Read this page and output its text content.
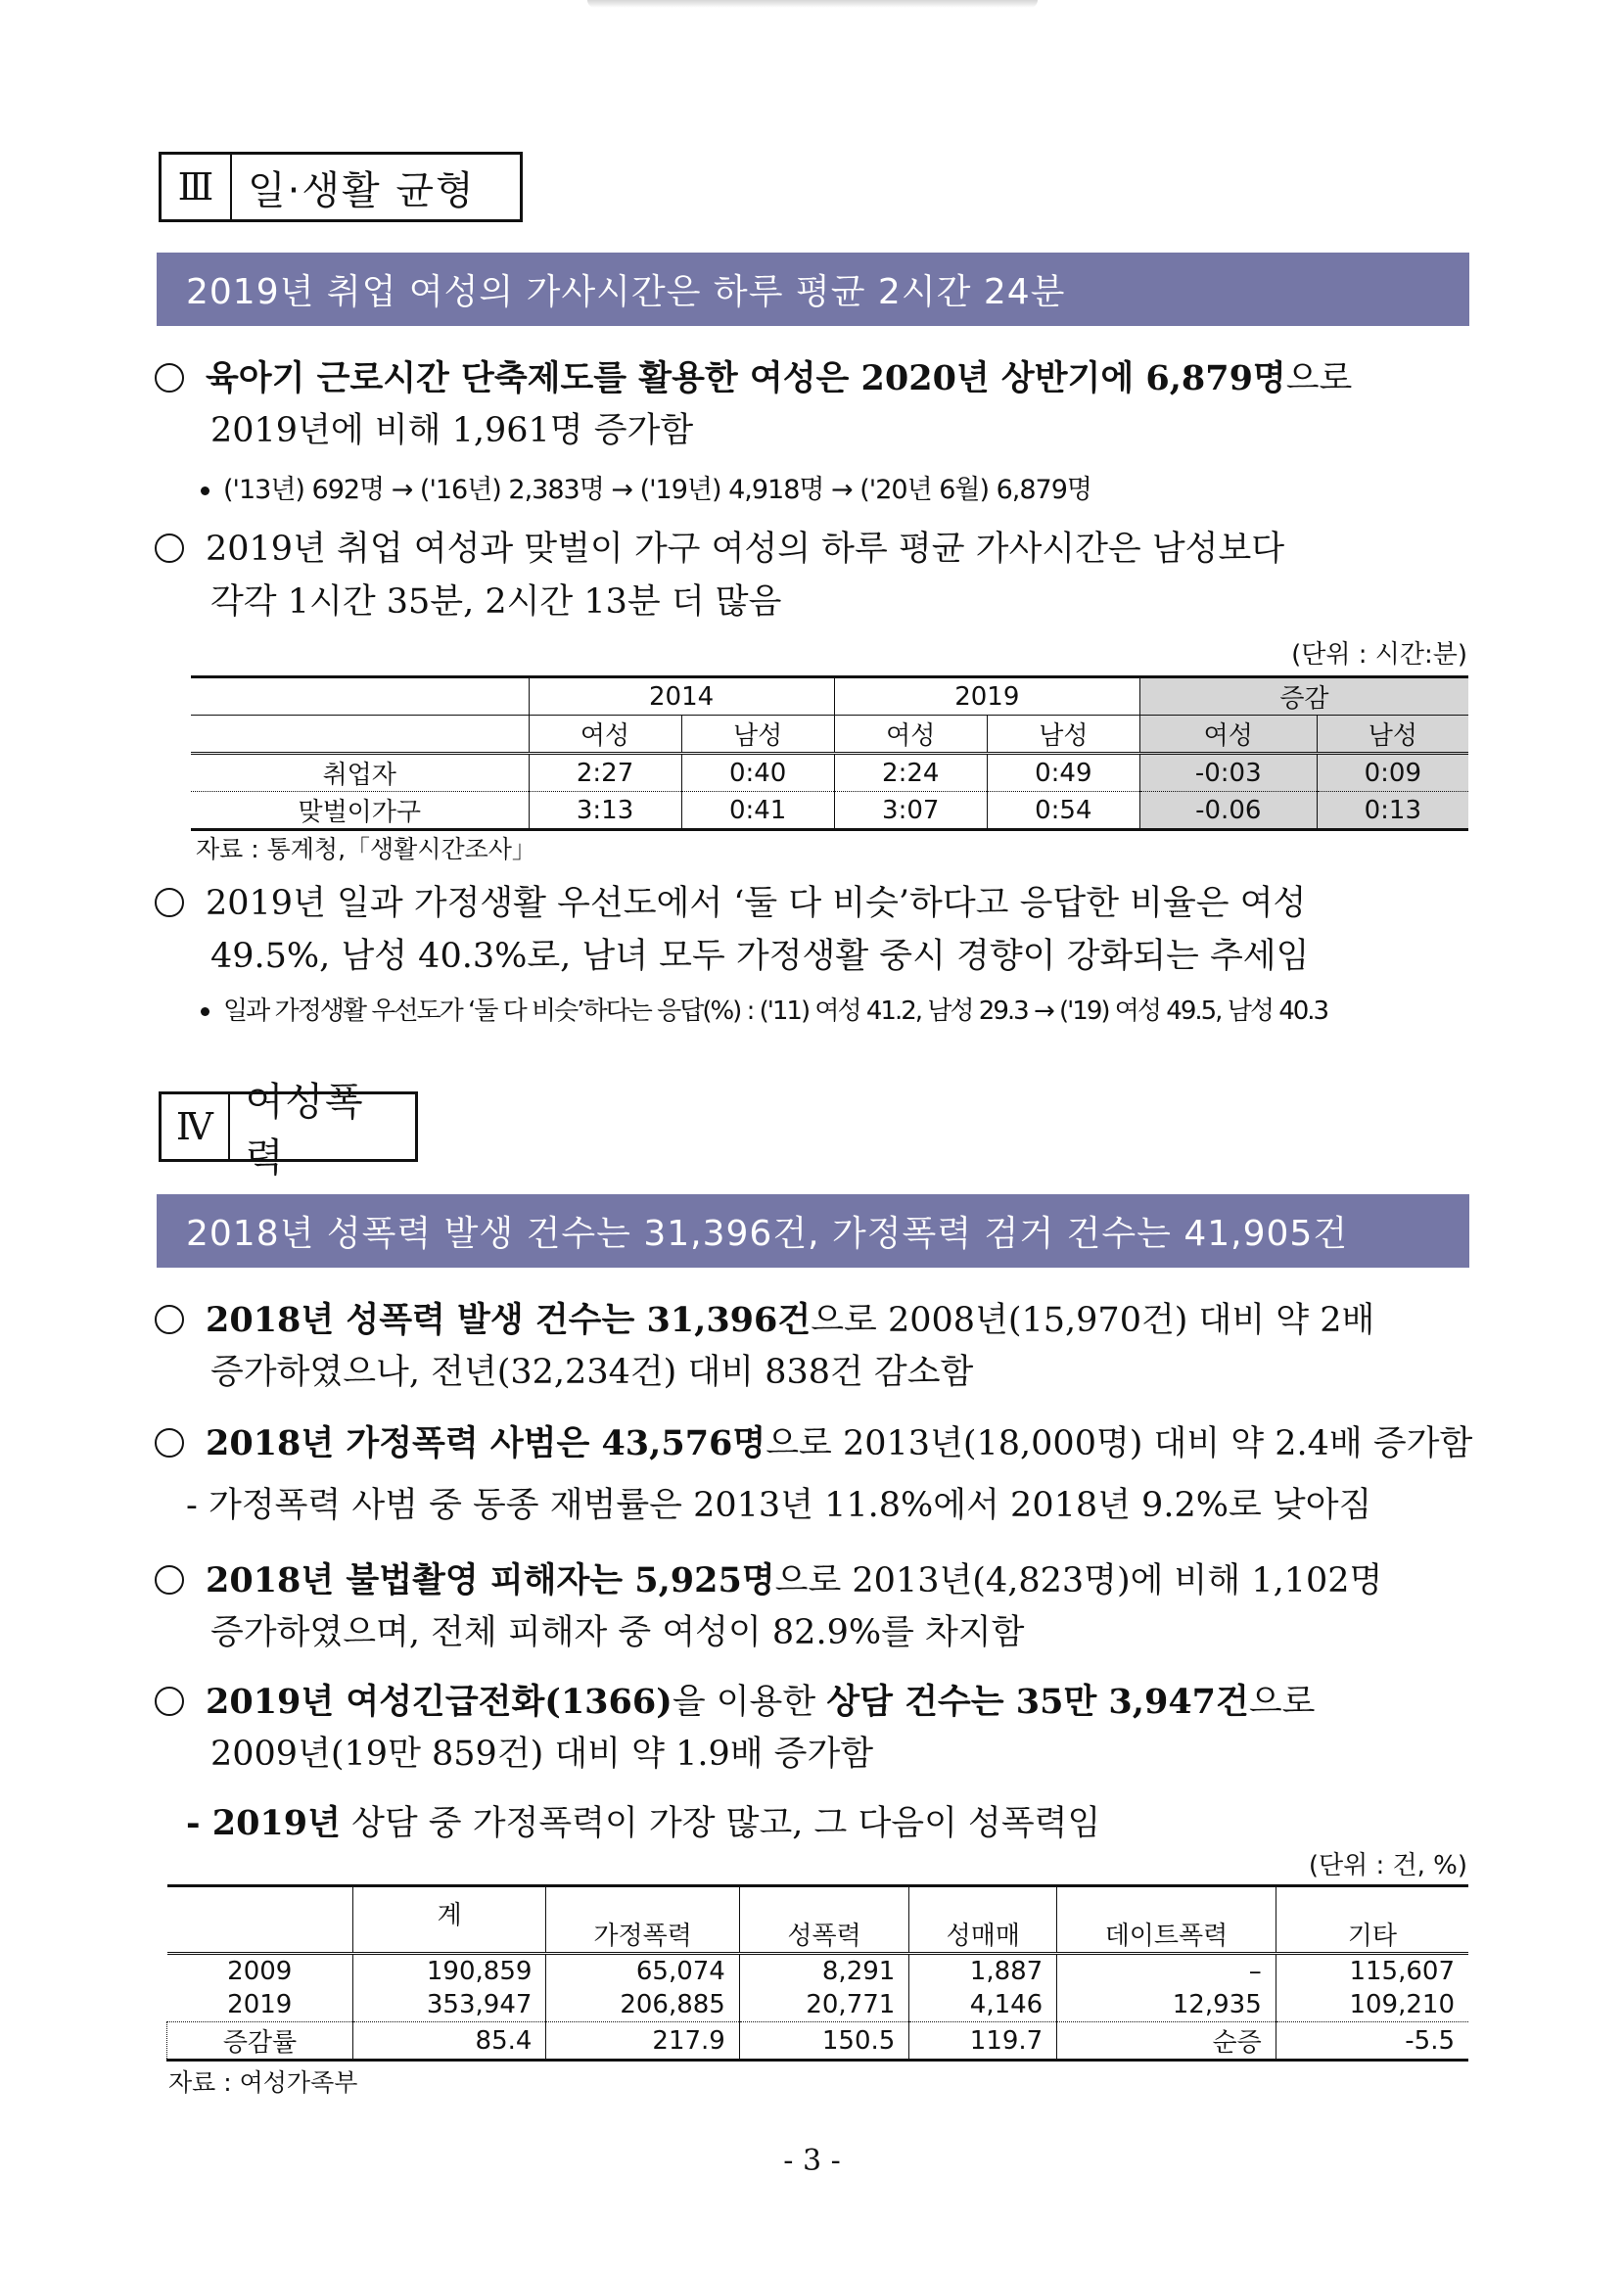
Ⅲ 일·생활 균형
2019년 취업 여성의 가사시간은 하루 평균 2시간 24분
육아기 근로시간 단축제도를 활용한 여성은 2020년 상반기에 6,879명으로
2019년에 비해 1,961명 증가함
('13년) 692명 → ('16년) 2,383명 → ('19년) 4,918명 → ('20년 6월) 6,879명
2019년 취업 여성과 맞벌이 가구 여성의 하루 평균 가사시간은 남성보다
각각 1시간 35분, 2시간 13분 더 많음
(단위 : 시간:분)
	2014		2019		증감	
	여성	남성	여성	남성	여성	남성
취업자	2:27	0:40	2:24	0:49	-0:03	0:09
맞벌이가구	3:13	0:41	3:07	0:54	-0.06	0:13
자료 : 통계청,「생활시간조사」
2019년 일과 가정생활 우선도에서 ‘둘 다 비슷’하다고 응답한 비율은 여성
49.5%, 남성 40.3%로, 남녀 모두 가정생활 중시 경향이 강화되는 추세임
일과 가정생활 우선도가 ‘둘 다 비슷’하다는 응답(%) : ('11) 여성 41.2, 남성 29.3 → ('19) 여성 49.5, 남성 40.3
Ⅳ
여성폭력
2018년 성폭력 발생 건수는 31,396건, 가정폭력 검거 건수는 41,905건
2018년 성폭력 발생 건수는 31,396건으로 2008년(15,970건) 대비 약 2배
증가하였으나, 전년(32,234건) 대비 838건 감소함
2018년 가정폭력 사범은 43,576명으로 2013년(18,000명) 대비 약 2.4배 증가함
- 가정폭력 사범 중 동종 재범률은 2013년 11.8%에서 2018년 9.2%로 낮아짐
2018년 불법촬영 피해자는 5,925명으로 2013년(4,823명)에 비해 1,102명
증가하였으며, 전체 피해자 중 여성이 82.9%를 차지함
2019년 여성긴급전화(1366)을 이용한 상담 건수는 35만 3,947건으로
2009년(19만 859건) 대비 약 1.9배 증가함
- 2019년 상담 중 가정폭력이 가장 많고, 그 다음이 성폭력임
(단위 : 건, %)
	계	가정폭력	성폭력	성매매	데이트폭력	기타
2009	190,859	65,074	8,291	1,887	–	115,607
2019	353,947	206,885	20,771	4,146	12,935	109,210
증감률	85.4	217.9	150.5	119.7	순증	-5.5
자료 : 여성가족부
- 3 -
